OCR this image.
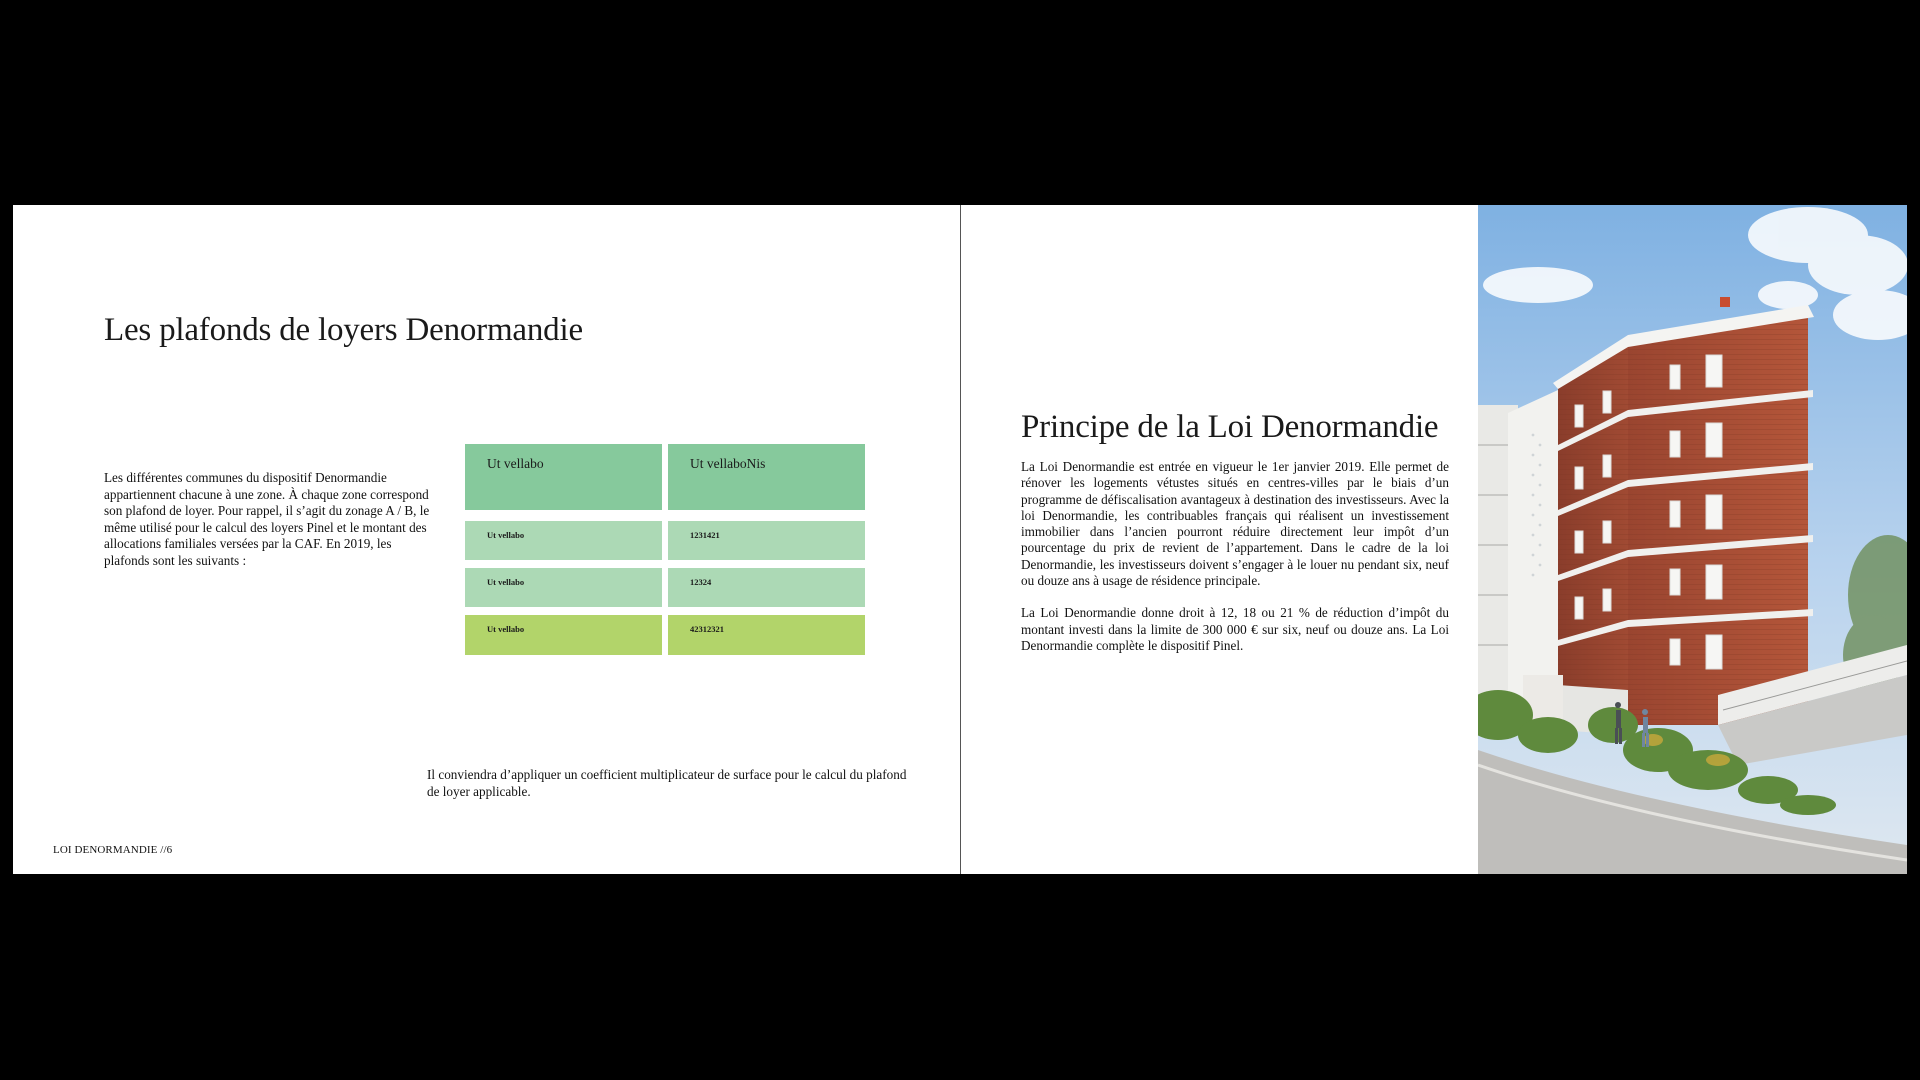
Les plafonds de loyers Denormandie

Les différentes communes du dispositif Denormandie appartiennent chacune à une zone. À chaque zone correspond son plafond de loyer. Pour rappel, il s’agit du zonage A / B, le même utilisé pour le calcul des loyers Pinel et le montant des allocations familiales versées par la CAF. En 2019, les plafonds sont les suivants :

Ut vellabo	Ut vellaboNis
Ut vellabo	1231421
Ut vellabo	12324
Ut vellabo	42312321

Il conviendra d’appliquer un coefficient multiplicateur de surface pour le calcul du plafond de loyer applicable.

LOI DENORMANDIE //6
Principe de la Loi Denormandie

La Loi Denormandie est entrée en vigueur le 1er janvier 2019. Elle permet de rénover les logements vétustes situés en centres-villes par le biais d’un programme de défiscalisation avantageux à destination des investisseurs. Avec la loi Denormandie, les contribuables français qui réalisent un investissement immobilier dans l’ancien pourront réduire directement leur impôt d’un pourcentage du prix de revient de l’appartement. Dans le cadre de la loi Denormandie, les investisseurs doivent s’engager à le louer nu pendant six, neuf ou douze ans à usage de résidence principale.

La Loi Denormandie donne droit à 12, 18 ou 21 % de réduction d’impôt du montant investi dans la limite de 300 000 € sur six, neuf ou douze ans. La Loi Denormandie complète le dispositif Pinel.
